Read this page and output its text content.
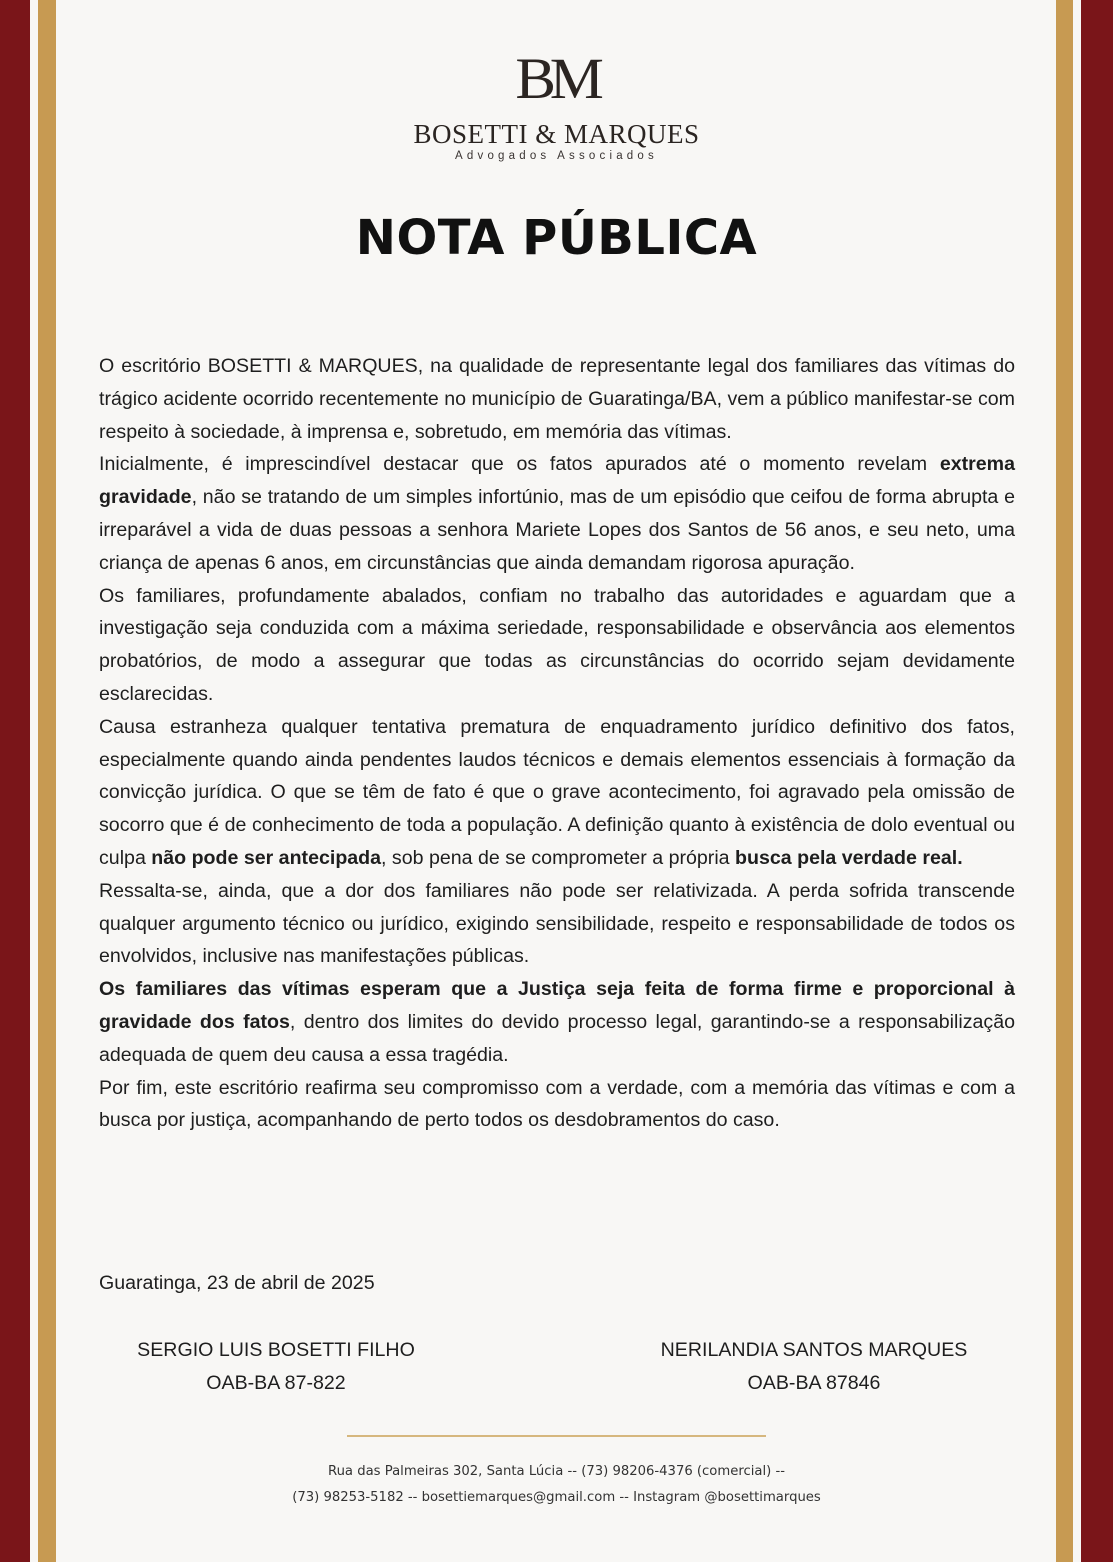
BM
BOSETTI & MARQUES
Advogados Associados
NOTA PÚBLICA

O escritório BOSETTI & MARQUES, na qualidade de representante legal dos familiares das vítimas do trágico acidente ocorrido recentemente no município de Guaratinga/BA, vem a público manifestar-se com respeito à sociedade, à imprensa e, sobretudo, em memória das vítimas.

Inicialmente, é imprescindível destacar que os fatos apurados até o momento revelam extrema gravidade, não se tratando de um simples infortúnio, mas de um episódio que ceifou de forma abrupta e irreparável a vida de duas pessoas a senhora Mariete Lopes dos Santos de 56 anos, e seu neto, uma criança de apenas 6 anos, em circunstâncias que ainda demandam rigorosa apuração.

Os familiares, profundamente abalados, confiam no trabalho das autoridades e aguardam que a investigação seja conduzida com a máxima seriedade, responsabilidade e observância aos elementos probatórios, de modo a assegurar que todas as circunstâncias do ocorrido sejam devidamente esclarecidas.

Causa estranheza qualquer tentativa prematura de enquadramento jurídico definitivo dos fatos, especialmente quando ainda pendentes laudos técnicos e demais elementos essenciais à formação da convicção jurídica. O que se têm de fato é que o grave acontecimento, foi agravado pela omissão de socorro que é de conhecimento de toda a população. A definição quanto à existência de dolo eventual ou culpa não pode ser antecipada, sob pena de se comprometer a própria busca pela verdade real.

Ressalta-se, ainda, que a dor dos familiares não pode ser relativizada. A perda sofrida transcende qualquer argumento técnico ou jurídico, exigindo sensibilidade, respeito e responsabilidade de todos os envolvidos, inclusive nas manifestações públicas.

Os familiares das vítimas esperam que a Justiça seja feita de forma firme e proporcional à gravidade dos fatos, dentro dos limites do devido processo legal, garantindo-se a responsabilização adequada de quem deu causa a essa tragédia.

Por fim, este escritório reafirma seu compromisso com a verdade, com a memória das vítimas e com a busca por justiça, acompanhando de perto todos os desdobramentos do caso.

Guaratinga, 23 de abril de 2025
SERGIO LUIS BOSETTI FILHO
OAB-BA 87-822
NERILANDIA SANTOS MARQUES
OAB-BA 87846
Rua das Palmeiras 302, Santa Lúcia -- (73) 98206-4376 (comercial) --
(73) 98253-5182 -- bosettiemarques@gmail.com -- Instagram @bosettimarques
